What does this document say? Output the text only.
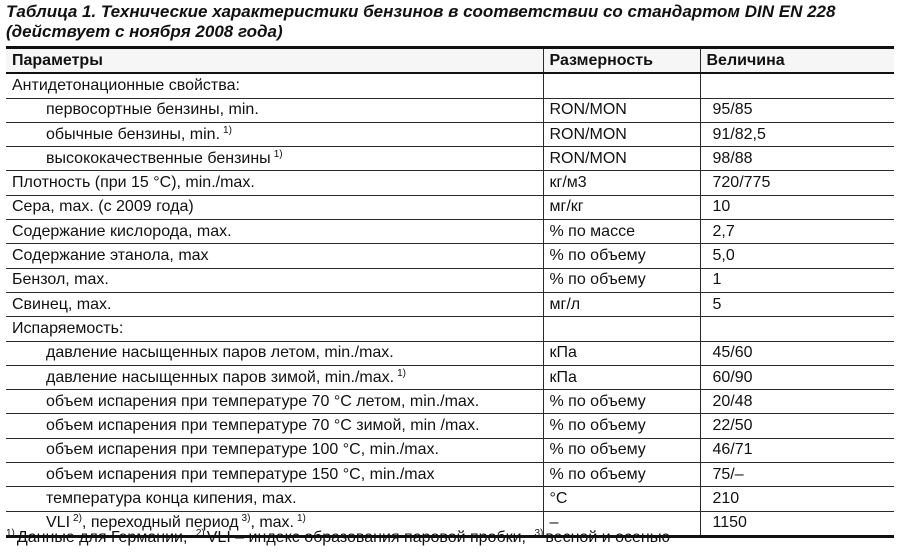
Таблица 1. Технические характеристики бензинов в соответствии со стандартом DIN EN 228
(действует с ноября 2008 года)
Параметры	Размерность	Величина
Антидетонационные свойства:		
первосортные бензины, min.	RON/MON	95/85
обычные бензины, min. $^{1)}$	RON/MON	91/82,5
высококачественные бензины $^{1)}$	RON/MON	98/88
Плотность (при 15 °С), min./max.	кг/м3	720/775
Сера, max. (с 2009 года)	мг/кг	10
Содержание кислорода, max.	% по массе	2,7
Содержание этанола, max	% по объему	5,0
Бензол, max.	% по объему	1
Свинец, max.	мг/л	5
Испаряемость:		
давление насыщенных паров летом, min./max.	кПа	45/60
давление насыщенных паров зимой, min./max. $^{1)}$	кПа	60/90
объем испарения при температуре 70 °С летом, min./max.	% по объему	20/48
объем испарения при температуре 70 °С зимой, min /max.	% по объему	22/50
объем испарения при температуре 100 °С, min./max.	% по объему	46/71
объем испарения при температуре 150 °С, min./max	% по объему	75/–
температура конца кипения, max.	°С	210
VLI $^{2)}$, переходный период $^{3)}$, max. $^{1)}$	–	1150
$^{1)}$ Данные для Германии, $^{2)}$ VLI – индекс образования паровой пробки, $^{3)}$ весной и осенью
